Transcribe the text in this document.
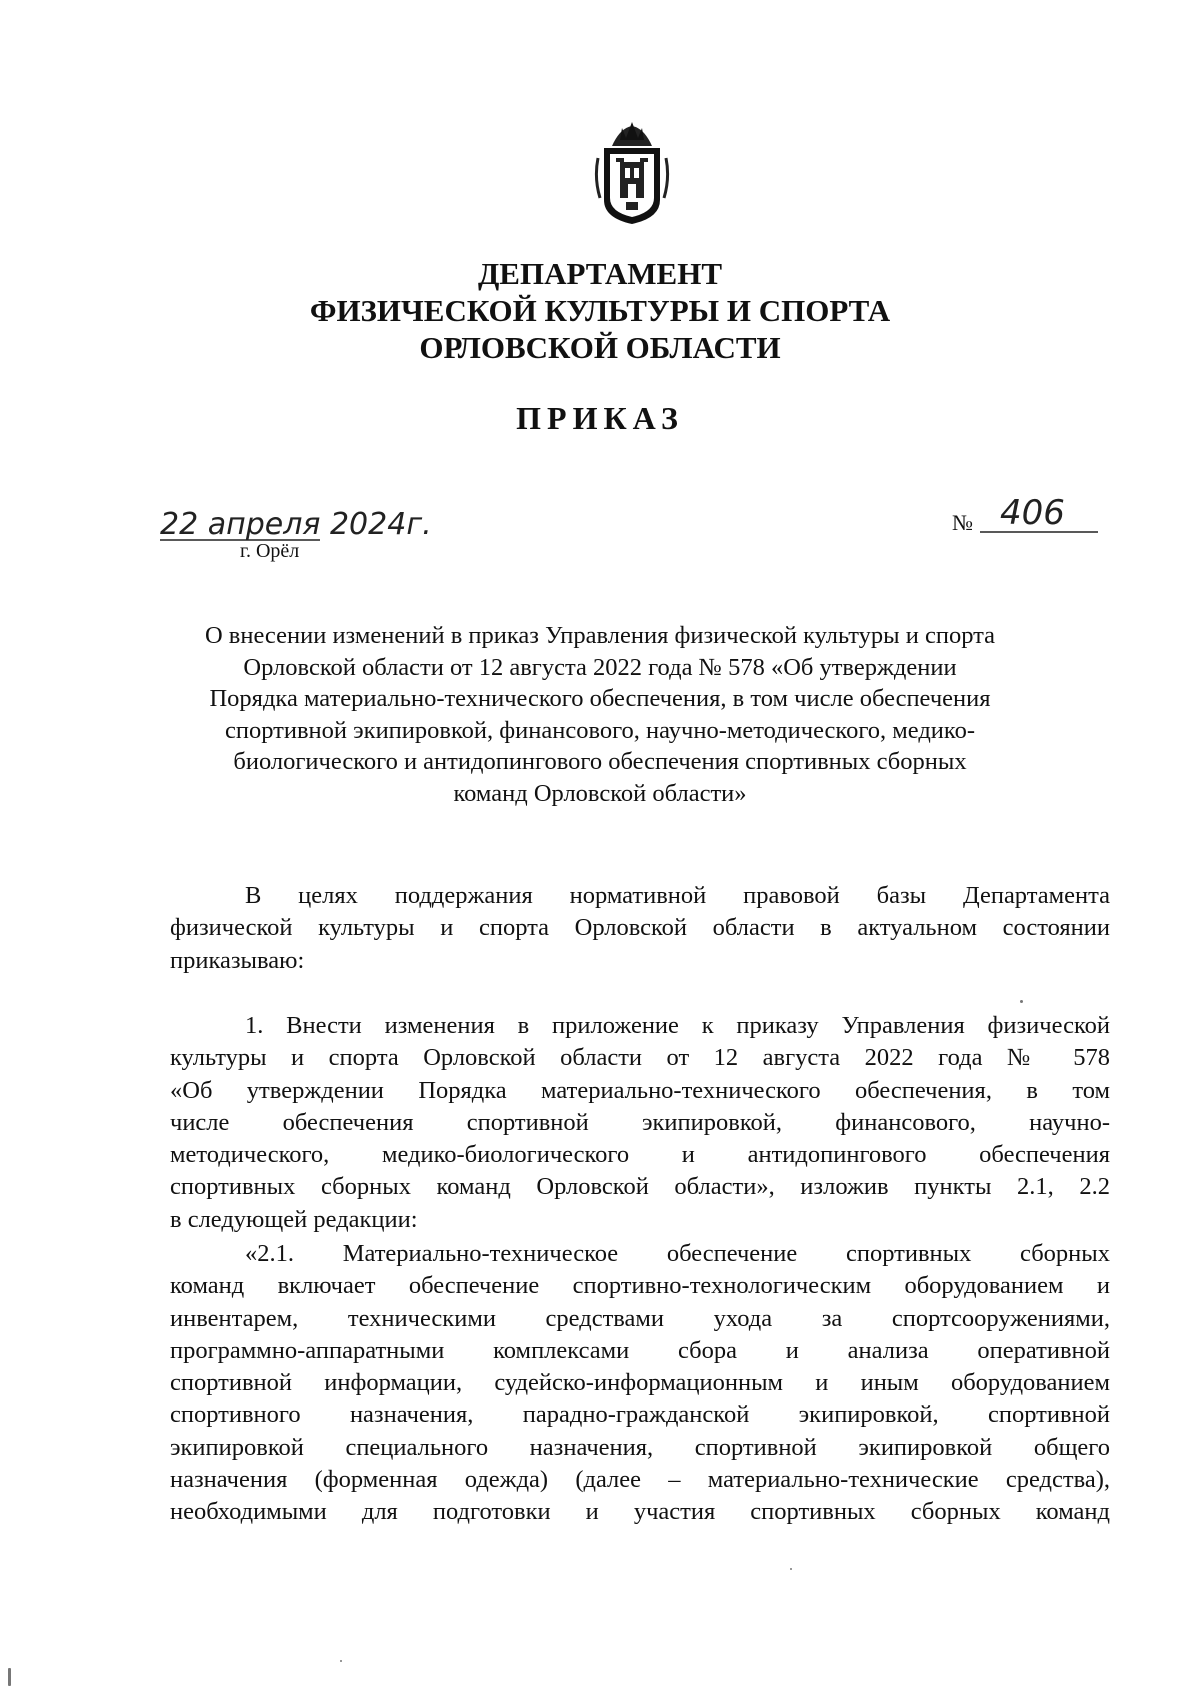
ДЕПАРТАМЕНТ
ФИЗИЧЕСКОЙ КУЛЬТУРЫ И СПОРТА
ОРЛОВСКОЙ ОБЛАСТИ
ПРИКАЗ
22 апреля 2024г.
г. Орёл
№ 406
О внесении изменений в приказ Управления физической культуры и спорта
Орловской области от 12 августа 2022 года № 578 «Об утверждении
Порядка материально-технического обеспечения, в том числе обеспечения
спортивной экипировкой, финансового, научно-методического, медико-
биологического и антидопингового обеспечения спортивных сборных
команд Орловской области»
В целях поддержания нормативной правовой базы Департамента
физической культуры и спорта Орловской области в актуальном состоянии
приказываю:
1. Внести изменения в приложение к приказу Управления физической
культуры и спорта Орловской области от 12 августа 2022 года № 578
«Об утверждении Порядка материально-технического обеспечения, в том
числе обеспечения спортивной экипировкой, финансового, научно-
методического, медико-биологического и антидопингового обеспечения
спортивных сборных команд Орловской области», изложив пункты 2.1, 2.2
в следующей редакции:
«2.1. Материально-техническое обеспечение спортивных сборных
команд включает обеспечение спортивно-технологическим оборудованием и
инвентарем, техническими средствами ухода за спортсооружениями,
программно-аппаратными комплексами сбора и анализа оперативной
спортивной информации, судейско-информационным и иным оборудованием
спортивного назначения, парадно-гражданской экипировкой, спортивной
экипировкой специального назначения, спортивной экипировкой общего
назначения (форменная одежда) (далее – материально-технические средства),
необходимыми для подготовки и участия спортивных сборных команд
